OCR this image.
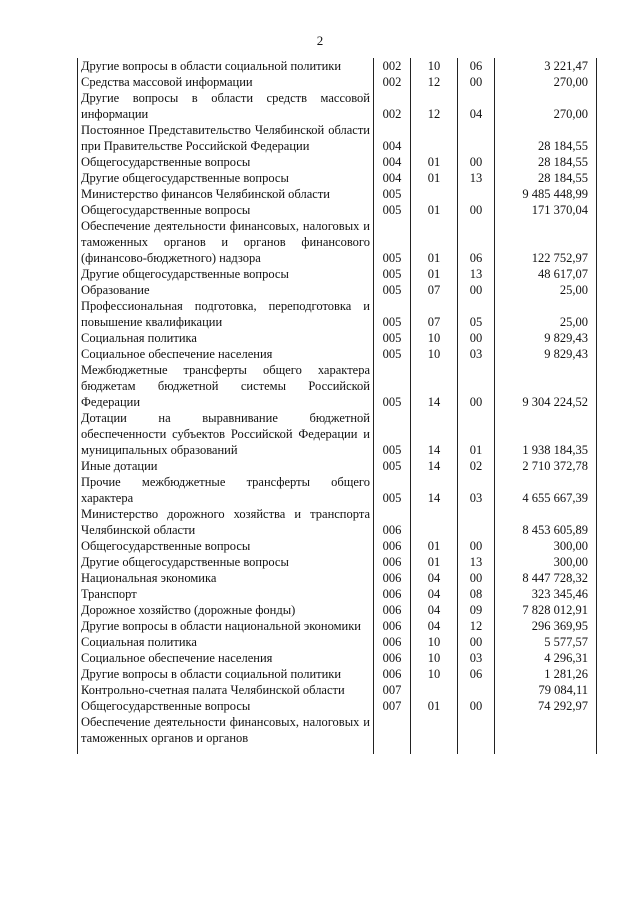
2
Другие вопросы в области социальной политики	002	10	06	3 221,47
Средства массовой информации	002	12	00	270,00
Другие вопросы в области средств массовой информации	002	12	04	270,00
Постоянное Представительство Челябинской области при Правительстве Российской Федерации	004			28 184,55
Общегосударственные вопросы	004	01	00	28 184,55
Другие общегосударственные вопросы	004	01	13	28 184,55
Министерство финансов Челябинской области	005			9 485 448,99
Общегосударственные вопросы	005	01	00	171 370,04
Обеспечение деятельности финансовых, налоговых и таможенных органов и органов финансового (финансово-бюджетного) надзора	005	01	06	122 752,97
Другие общегосударственные вопросы	005	01	13	48 617,07
Образование	005	07	00	25,00
Профессиональная подготовка, переподготовка и повышение квалификации	005	07	05	25,00
Социальная политика	005	10	00	9 829,43
Социальное обеспечение населения	005	10	03	9 829,43
Межбюджетные трансферты общего характера бюджетам бюджетной системы Российской Федерации	005	14	00	9 304 224,52
Дотации на выравнивание бюджетной обеспеченности субъектов Российской Федерации и муниципальных образований	005	14	01	1 938 184,35
Иные дотации	005	14	02	2 710 372,78
Прочие межбюджетные трансферты общего характера	005	14	03	4 655 667,39
Министерство дорожного хозяйства и транспорта Челябинской области	006			8 453 605,89
Общегосударственные вопросы	006	01	00	300,00
Другие общегосударственные вопросы	006	01	13	300,00
Национальная экономика	006	04	00	8 447 728,32
Транспорт	006	04	08	323 345,46
Дорожное хозяйство (дорожные фонды)	006	04	09	7 828 012,91
Другие вопросы в области национальной экономики	006	04	12	296 369,95
Социальная политика	006	10	00	5 577,57
Социальное обеспечение населения	006	10	03	4 296,31
Другие вопросы в области социальной политики	006	10	06	1 281,26
Контрольно-счетная палата Челябинской области	007			79 084,11
Общегосударственные вопросы	007	01	00	74 292,97
Обеспечение деятельности финансовых, налоговых и таможенных органов и органов				
